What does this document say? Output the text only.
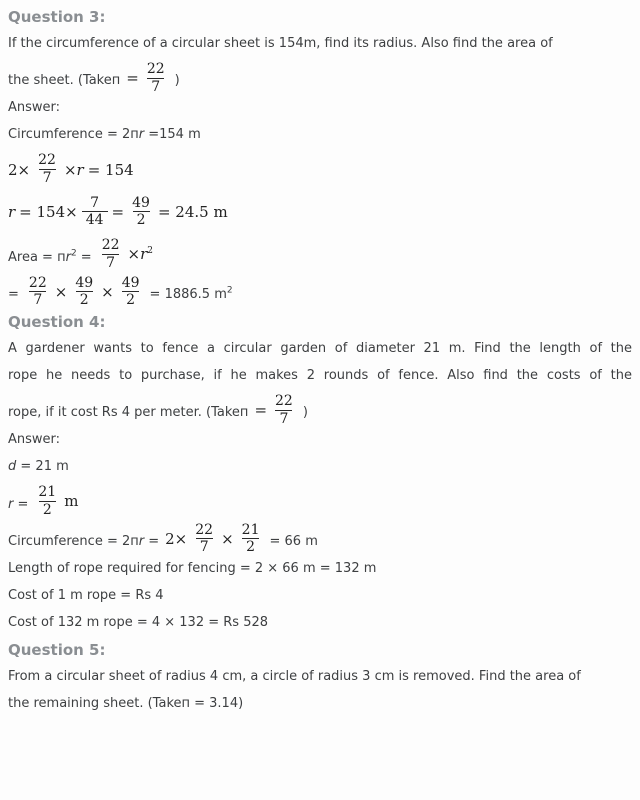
Question 3:
If the circumference of a circular sheet is 154m, find its radius. Also find the area of
the sheet. (Takeп = $\frac{22}{7}$ )
Answer:
Circumference = 2пr =154 m
$2\times \frac{22}{7} \times r = 154$
$r = 154\times \frac{7}{44} = \frac{49}{2} = 24.5$ m
Area = $пr^2 = \frac{22}{7} \times r^2$
= $\frac{22}{7} \times \frac{49}{2} \times \frac{49}{2} = 1886.5$ $m^2$
Question 4:
A gardener wants to fence a circular garden of diameter 21 m. Find the length of the
rope he needs to purchase, if he makes 2 rounds of fence. Also find the costs of the
rope, if it cost Rs 4 per meter. (Takeп = $\frac{22}{7}$ )
Answer:
d = 21 m
$r = \frac{21}{2}$ m
Circumference = $2пr = 2\times \frac{22}{7} \times \frac{21}{2} = 66$ m
Length of rope required for fencing = 2 × 66 m = 132 m
Cost of 1 m rope = Rs 4
Cost of 132 m rope = 4 × 132 = Rs 528
Question 5:
From a circular sheet of radius 4 cm, a circle of radius 3 cm is removed. Find the area of
the remaining sheet. (Takeп = 3.14)
